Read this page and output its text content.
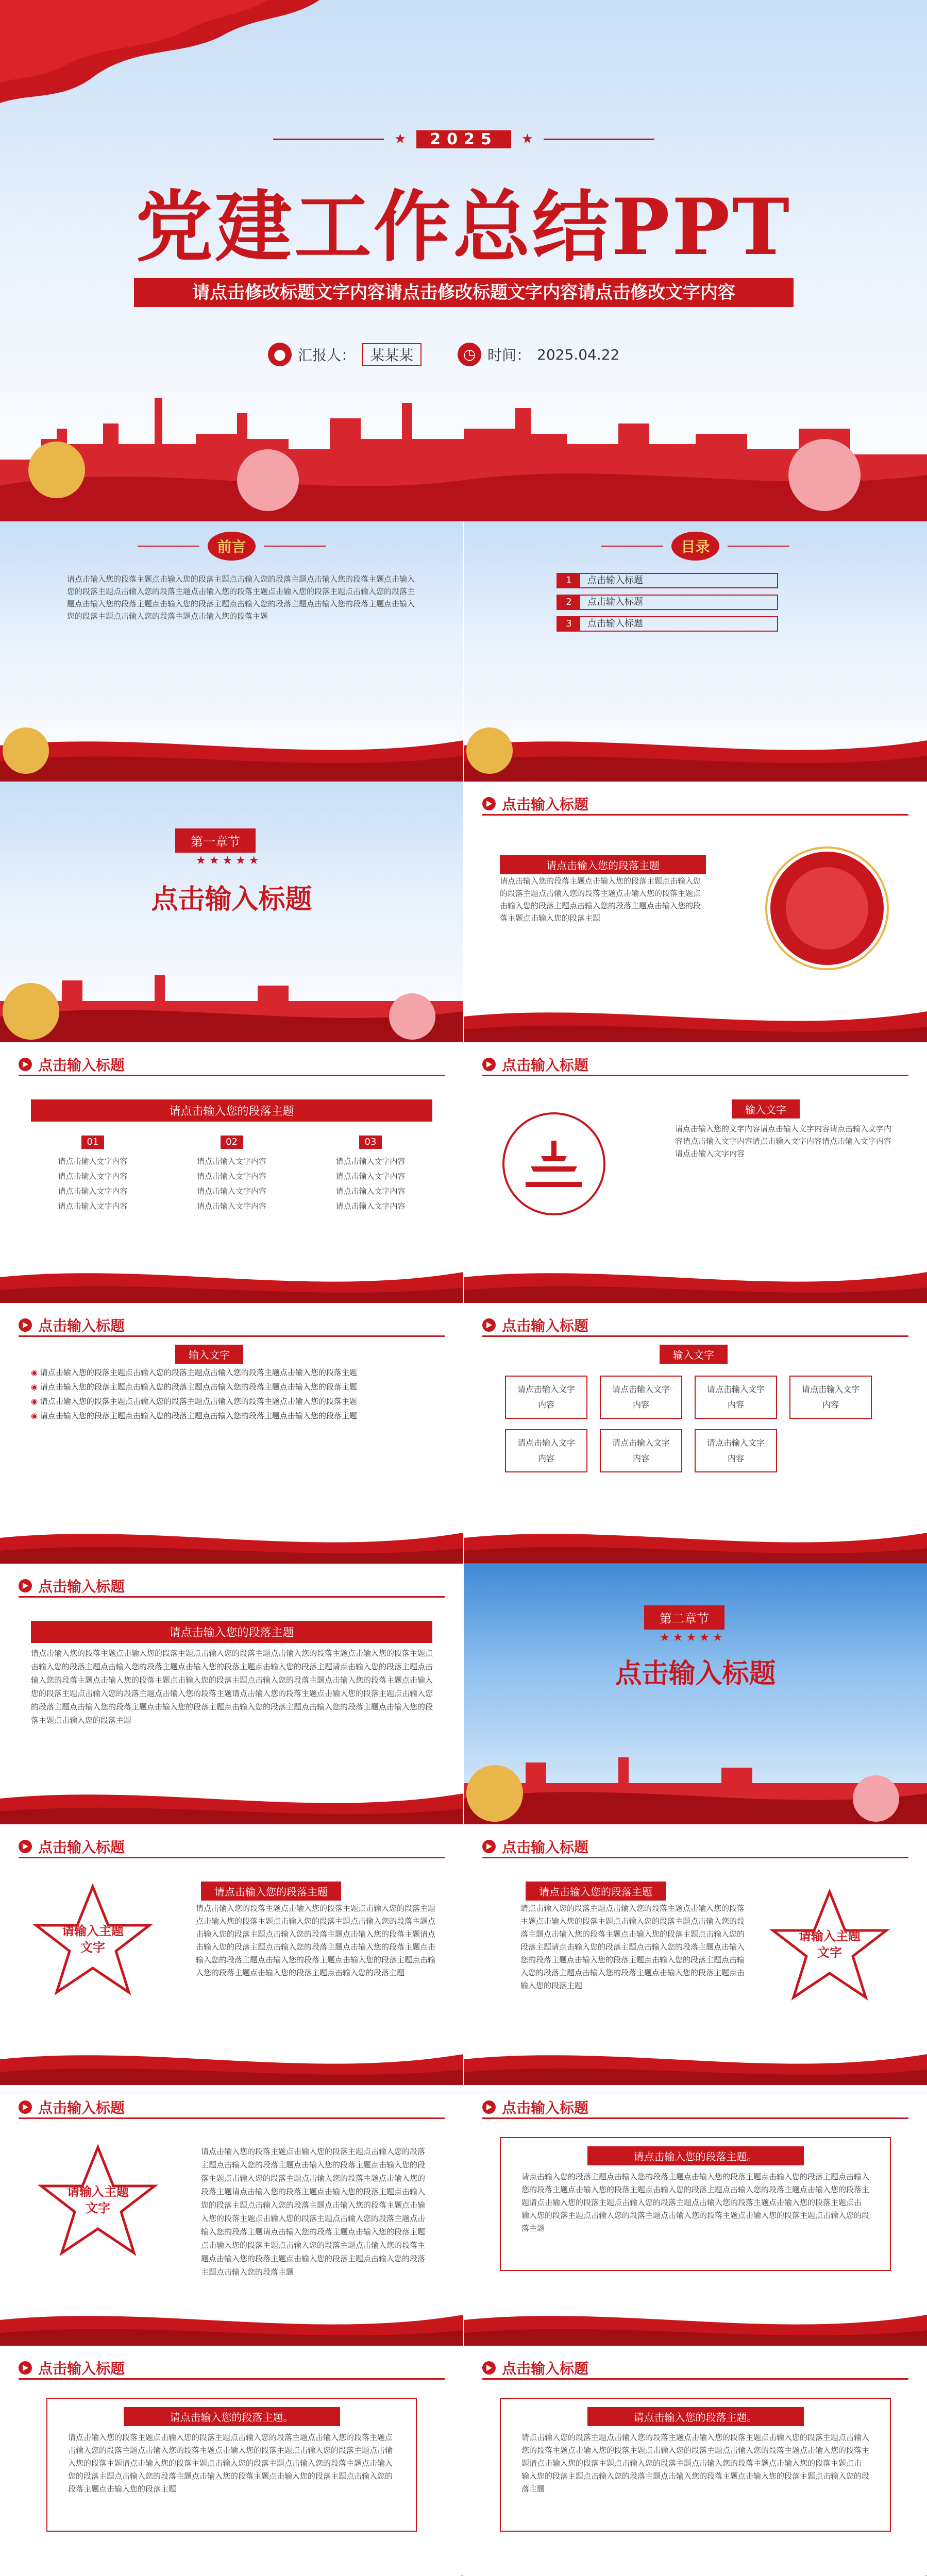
★	2025	★
党建工作总结PPT
请点击修改标题文字内容请点击修改标题文字内容请点击修改文字内容
● 汇报人：	某某某	◷ 时间： 2025.04.22
前言
请点击输入您的段落主题点击输入您的段落主题点击输入您的段落主题点击输入您的段落主题点击输入您的段落主题点击输入您的段落主题点击输入您的段落主题点击输入您的段落主题点击输入您的段落主题点击输入您的段落主题点击输入您的段落主题点击输入您的段落主题点击输入您的段落主题点击输入您的段落主题点击输入您的段落主题点击输入您的段落主题
目录
1	点击输入标题
2	点击输入标题
3	点击输入标题
第一章节
★★★★★
点击输入标题
点击输入标题
请点击输入您的段落主题
请点击输入您的段落主题点击输入您的段落主题点击输入您的段落主题点击输入您的段落主题点击输入您的段落主题点击输入您的段落主题点击输入您的段落主题点击输入您的段落主题点击输入您的段落主题
点击输入标题
请点击输入您的段落主题
01
请点击输入文字内容
请点击输入文字内容
请点击输入文字内容
请点击输入文字内容
02
请点击输入文字内容
请点击输入文字内容
请点击输入文字内容
请点击输入文字内容
03
请点击输入文字内容
请点击输入文字内容
请点击输入文字内容
请点击输入文字内容
点击输入标题
输入文字
请点击输入您的文字内容请点击输入文字内容请点击输入文字内容请点击输入文字内容请点击输入文字内容请点击输入文字内容请点击输入文字内容
点击输入标题
输入文字
◉ 请点击输入您的段落主题点击输入您的段落主题点击输入您的段落主题点击输入您的段落主题
◉ 请点击输入您的段落主题点击输入您的段落主题点击输入您的段落主题点击输入您的段落主题
◉ 请点击输入您的段落主题点击输入您的段落主题点击输入您的段落主题点击输入您的段落主题
◉ 请点击输入您的段落主题点击输入您的段落主题点击输入您的段落主题点击输入您的段落主题
点击输入标题
输入文字
请点击输入文字内容
请点击输入文字内容
请点击输入文字内容
请点击输入文字内容
请点击输入文字内容
请点击输入文字内容
请点击输入文字内容
点击输入标题
请点击输入您的段落主题
请点击输入您的段落主题点击输入您的段落主题点击输入您的段落主题点击输入您的段落主题点击输入您的段落主题点击输入您的段落主题点击输入您的段落主题点击输入您的段落主题点击输入您的段落主题请点击输入您的段落主题点击输入您的段落主题点击输入您的段落主题点击输入您的段落主题点击输入您的段落主题点击输入您的段落主题点击输入您的段落主题点击输入您的段落主题点击输入您的段落主题请点击输入您的段落主题点击输入您的段落主题点击输入您的段落主题点击输入您的段落主题点击输入您的段落主题点击输入您的段落主题点击输入您的段落主题点击输入您的段落主题点击输入您的段落主题
第二章节
★★★★★
点击输入标题
点击输入标题
请输入主题文字
请点击输入您的段落主题
请点击输入您的段落主题点击输入您的段落主题点击输入您的段落主题点击输入您的段落主题点击输入您的段落主题点击输入您的段落主题点击输入您的段落主题点击输入您的段落主题点击输入您的段落主题请点击输入您的段落主题点击输入您的段落主题点击输入您的段落主题点击输入您的段落主题点击输入您的段落主题点击输入您的段落主题点击输入您的段落主题点击输入您的段落主题点击输入您的段落主题
点击输入标题
请点击输入您的段落主题
请点击输入您的段落主题点击输入您的段落主题点击输入您的段落主题点击输入您的段落主题点击输入您的段落主题点击输入您的段落主题点击输入您的段落主题点击输入您的段落主题点击输入您的段落主题请点击输入您的段落主题点击输入您的段落主题点击输入您的段落主题点击输入您的段落主题点击输入您的段落主题点击输入您的段落主题点击输入您的段落主题点击输入您的段落主题点击输入您的段落主题
请输入主题文字
点击输入标题
请输入主题文字
请点击输入您的段落主题点击输入您的段落主题点击输入您的段落主题点击输入您的段落主题点击输入您的段落主题点击输入您的段落主题点击输入您的段落主题点击输入您的段落主题点击输入您的段落主题请点击输入您的段落主题点击输入您的段落主题点击输入您的段落主题点击输入您的段落主题点击输入您的段落主题点击输入您的段落主题点击输入您的段落主题点击输入您的段落主题点击输入您的段落主题请点击输入您的段落主题点击输入您的段落主题点击输入您的段落主题点击输入您的段落主题点击输入您的段落主题点击输入您的段落主题点击输入您的段落主题点击输入您的段落主题点击输入您的段落主题
点击输入标题
请点击输入您的段落主题。
请点击输入您的段落主题点击输入您的段落主题点击输入您的段落主题点击输入您的段落主题点击输入您的段落主题点击输入您的段落主题点击输入您的段落主题点击输入您的段落主题点击输入您的段落主题请点击输入您的段落主题点击输入您的段落主题点击输入您的段落主题点击输入您的段落主题点击输入您的段落主题点击输入您的段落主题点击输入您的段落主题点击输入您的段落主题点击输入您的段落主题
点击输入标题
请点击输入您的段落主题。
请点击输入您的段落主题点击输入您的段落主题点击输入您的段落主题点击输入您的段落主题点击输入您的段落主题点击输入您的段落主题点击输入您的段落主题点击输入您的段落主题点击输入您的段落主题请点击输入您的段落主题点击输入您的段落主题点击输入您的段落主题点击输入您的段落主题点击输入您的段落主题点击输入您的段落主题点击输入您的段落主题点击输入您的段落主题点击输入您的段落主题
点击输入标题
请点击输入您的段落主题。
请点击输入您的段落主题点击输入您的段落主题点击输入您的段落主题点击输入您的段落主题点击输入您的段落主题点击输入您的段落主题点击输入您的段落主题点击输入您的段落主题点击输入您的段落主题请点击输入您的段落主题点击输入您的段落主题点击输入您的段落主题点击输入您的段落主题点击输入您的段落主题点击输入您的段落主题点击输入您的段落主题点击输入您的段落主题点击输入您的段落主题
